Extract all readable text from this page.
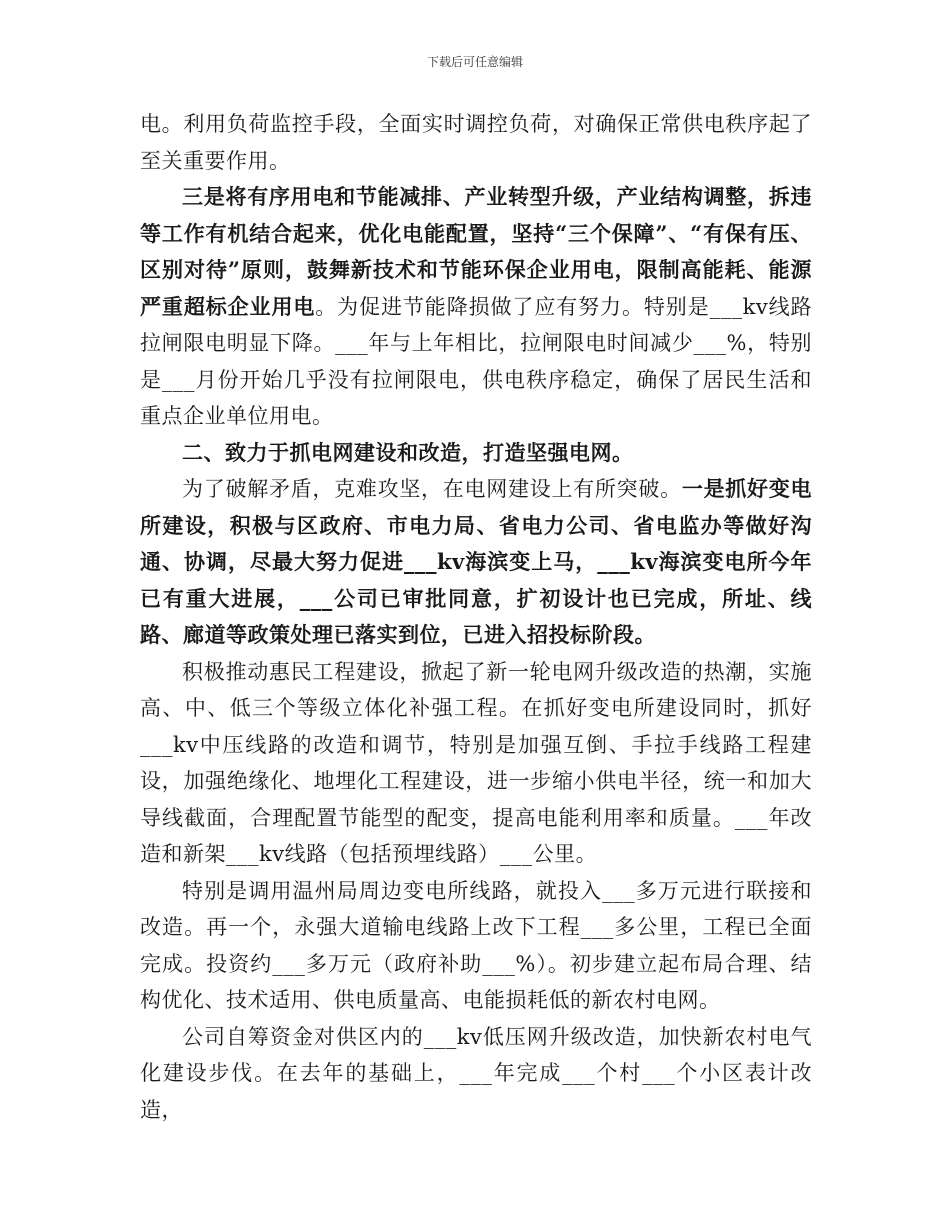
下载后可任意编辑

电。利用负荷监控手段，全面实时调控负荷，对确保正常供电秩序起了至关重要作用。

三是将有序用电和节能减排、产业转型升级，产业结构调整，拆违等工作有机结合起来，优化电能配置，坚持“三个保障”、“有保有压、区别对待”原则，鼓舞新技术和节能环保企业用电，限制高能耗、能源严重超标企业用电。为促进节能降损做了应有努力。特别是___kv线路拉闸限电明显下降。___年与上年相比，拉闸限电时间减少___%，特别是___月份开始几乎没有拉闸限电，供电秩序稳定，确保了居民生活和重点企业单位用电。

二、致力于抓电网建设和改造，打造坚强电网。

为了破解矛盾，克难攻坚，在电网建设上有所突破。一是抓好变电所建设，积极与区政府、市电力局、省电力公司、省电监办等做好沟通、协调，尽最大努力促进___kv海滨变上马，___kv海滨变电所今年已有重大进展，___公司已审批同意，扩初设计也已完成，所址、线路、廊道等政策处理已落实到位，已进入招投标阶段。

积极推动惠民工程建设，掀起了新一轮电网升级改造的热潮，实施高、中、低三个等级立体化补强工程。在抓好变电所建设同时，抓好___kv中压线路的改造和调节，特别是加强互倒、手拉手线路工程建设，加强绝缘化、地埋化工程建设，进一步缩小供电半径，统一和加大导线截面，合理配置节能型的配变，提高电能利用率和质量。___年改造和新架___kv线路（包括预埋线路）___公里。

特别是调用温州局周边变电所线路，就投入___多万元进行联接和改造。再一个，永强大道输电线路上改下工程___多公里，工程已全面完成。投资约___多万元（政府补助___%）。初步建立起布局合理、结构优化、技术适用、供电质量高、电能损耗低的新农村电网。

公司自筹资金对供区内的___kv低压网升级改造，加快新农村电气化建设步伐。在去年的基础上，___年完成___个村___个小区表计改造，
